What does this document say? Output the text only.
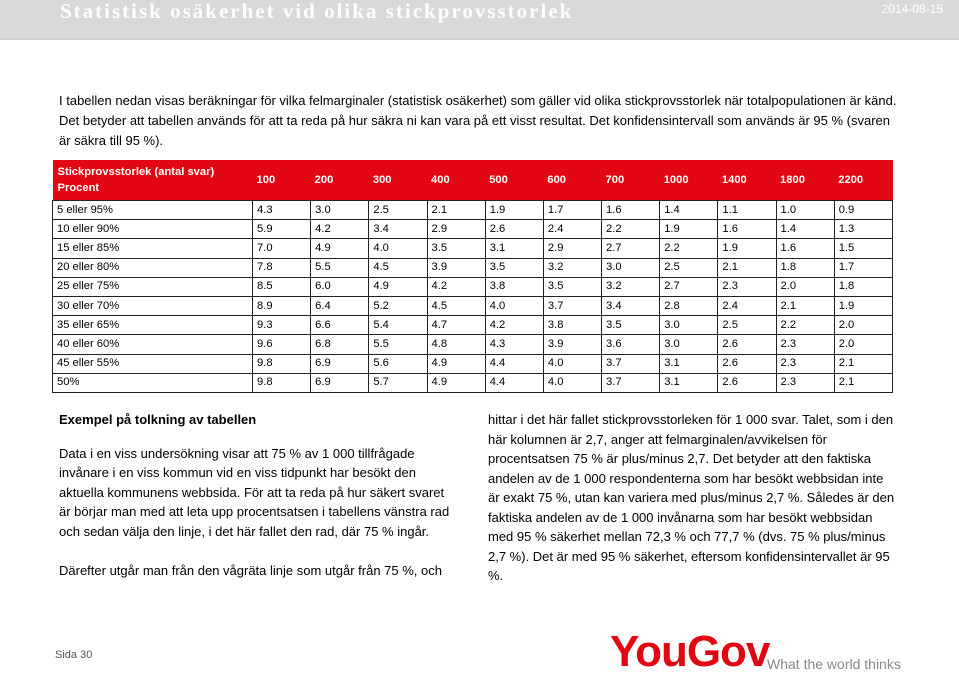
Statistisk osäkerhet vid olika stickprovsstorlek	2014-08-15
I tabellen nedan visas beräkningar för vilka felmarginaler (statistisk osäkerhet) som gäller vid olika stickprovsstorlek när totalpopulationen är känd. Det betyder att tabellen används för att ta reda på hur säkra ni kan vara på ett visst resultat. Det konfidensintervall som används är 95 % (svaren är säkra till 95 %).
Stickprovsstorlek (antal svar)
Procent	100	200	300	400	500	600	700	1000	1400	1800	2200
5 eller 95%	4.3	3.0	2.5	2.1	1.9	1.7	1.6	1.4	1.1	1.0	0.9
10 eller 90%	5.9	4.2	3.4	2.9	2.6	2.4	2.2	1.9	1.6	1.4	1.3
15 eller 85%	7.0	4.9	4.0	3.5	3.1	2.9	2.7	2.2	1.9	1.6	1.5
20 eller 80%	7.8	5.5	4.5	3.9	3.5	3.2	3.0	2.5	2.1	1.8	1.7
25 eller 75%	8.5	6.0	4.9	4.2	3.8	3.5	3.2	2.7	2.3	2.0	1.8
30 eller 70%	8.9	6.4	5.2	4.5	4.0	3.7	3.4	2.8	2.4	2.1	1.9
35 eller 65%	9.3	6.6	5.4	4.7	4.2	3.8	3.5	3.0	2.5	2.2	2.0
40 eller 60%	9.6	6.8	5.5	4.8	4.3	3.9	3.6	3.0	2.6	2.3	2.0
45 eller 55%	9.8	6.9	5.6	4.9	4.4	4.0	3.7	3.1	2.6	2.3	2.1
50%	9.8	6.9	5.7	4.9	4.4	4.0	3.7	3.1	2.6	2.3	2.1

Exempel på tolkning av tabellen

Data i en viss undersökning visar att 75 % av 1 000 tillfrågade invånare i en viss kommun vid en viss tidpunkt har besökt den aktuella kommunens webbsida. För att ta reda på hur säkert svaret är börjar man med att leta upp procentsatsen i tabellens vänstra rad och sedan välja den linje, i det här fallet den rad, där 75 % ingår.

Därefter utgår man från den vågräta linje som utgår från 75 %, och

hittar i det här fallet stickprovsstorleken för 1 000 svar. Talet, som i den här kolumnen är 2,7, anger att felmarginalen/avvikelsen för procentsatsen 75 % är plus/minus 2,7. Det betyder att den faktiska andelen av de 1 000 respondenterna som har besökt webbsidan inte är exakt 75 %, utan kan variera med plus/minus 2,7 %. Således är den faktiska andelen av de 1 000 invånarna som har besökt webbsidan med 95 % säkerhet mellan 72,3 % och 77,7 % (dvs. 75 % plus/minus 2,7 %). Det är med 95 % säkerhet, eftersom konfidensintervallet är 95 %.

Sida 30	YouGov
What the world thinks
